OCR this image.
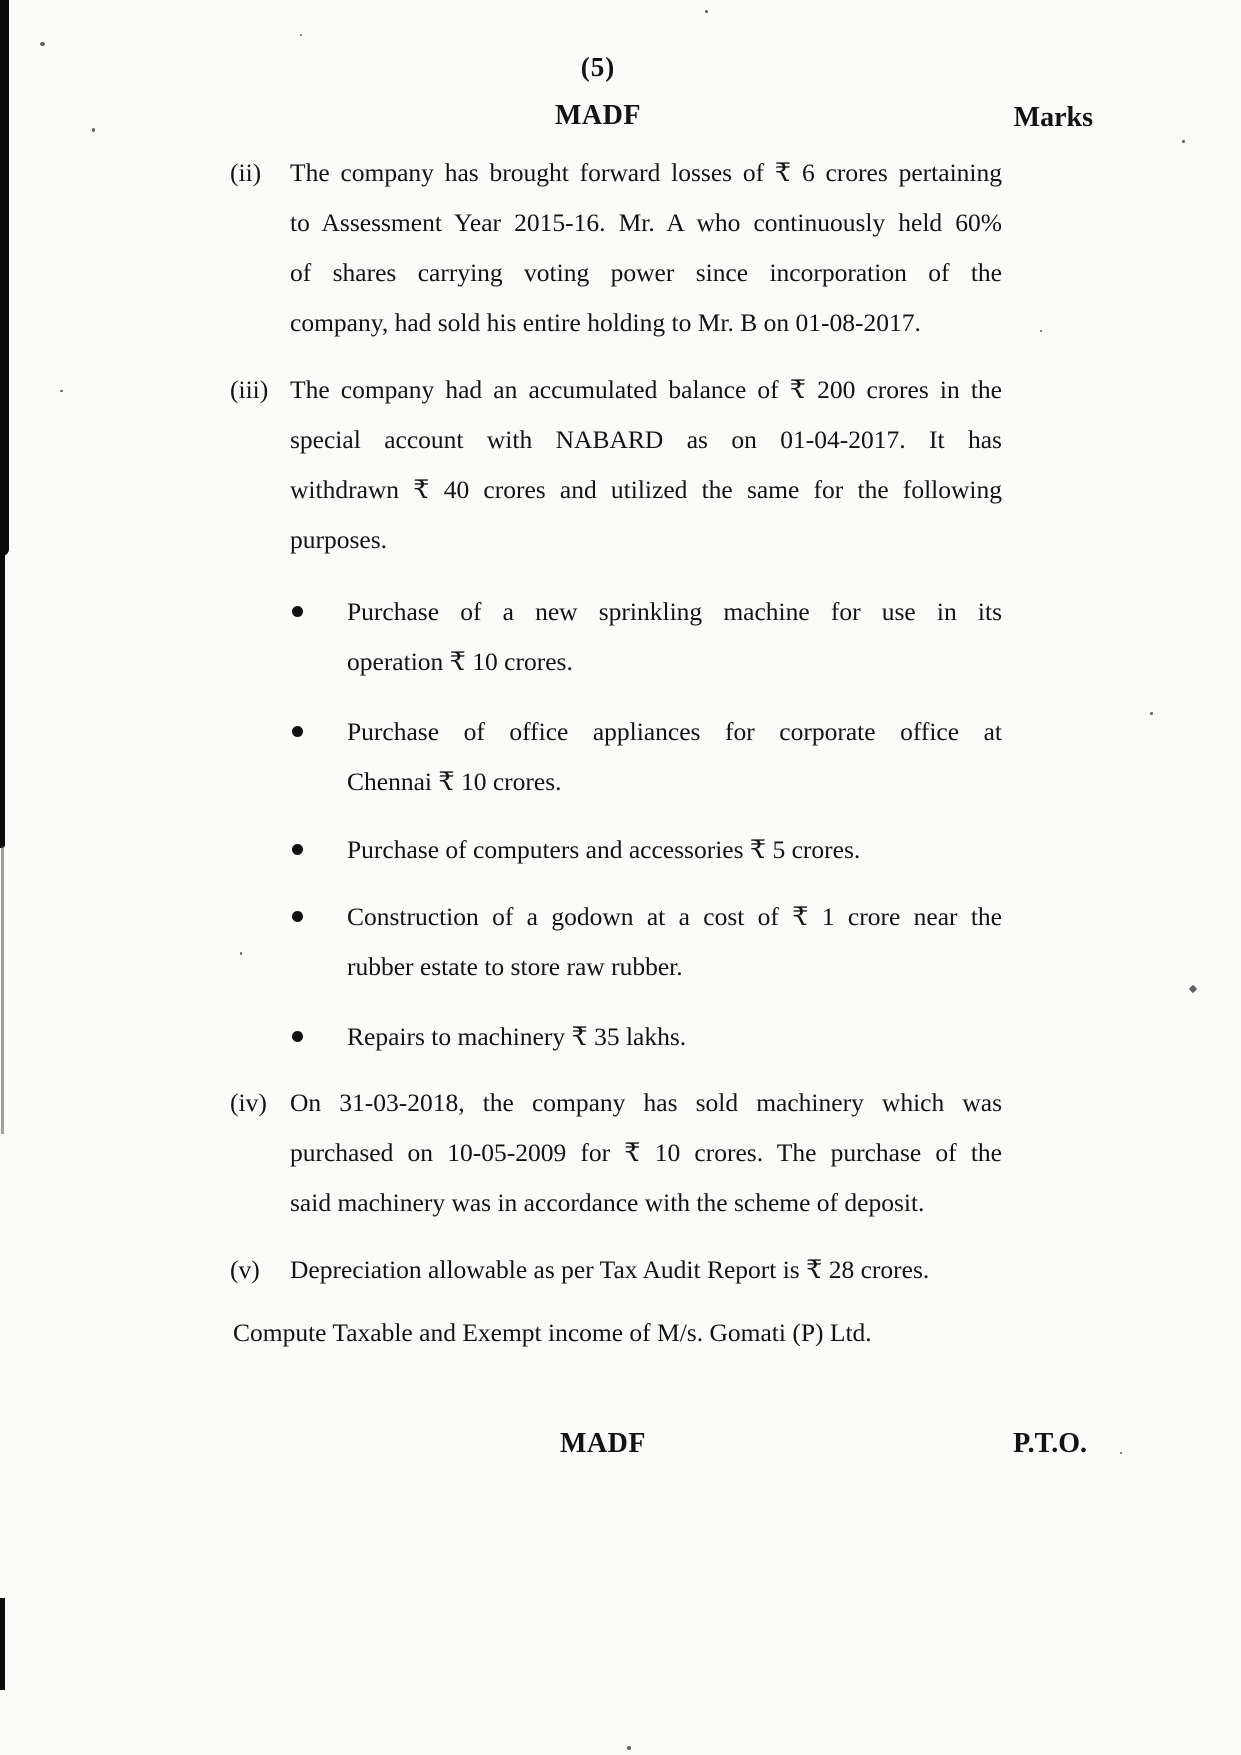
(5)
MADF	Marks
(ii) The company has brought forward losses of ₹ 6 crores pertaining
to Assessment Year 2015-16. Mr. A who continuously held 60%
of shares carrying voting power since incorporation of the
company, had sold his entire holding to Mr. B on 01-08-2017.
(iii) The company had an accumulated balance of ₹ 200 crores in the
special account with NABARD as on 01-04-2017. It has
withdrawn ₹ 40 crores and utilized the same for the following
purposes.
Purchase of a new sprinkling machine for use in its
operation ₹ 10 crores.
Purchase of office appliances for corporate office at
Chennai ₹ 10 crores.
Purchase of computers and accessories ₹ 5 crores.
Construction of a godown at a cost of ₹ 1 crore near the
rubber estate to store raw rubber.
Repairs to machinery ₹ 35 lakhs.
(iv) On 31-03-2018, the company has sold machinery which was
purchased on 10-05-2009 for ₹ 10 crores. The purchase of the
said machinery was in accordance with the scheme of deposit.
(v) Depreciation allowable as per Tax Audit Report is ₹ 28 crores.
Compute Taxable and Exempt income of M/s. Gomati (P) Ltd.
MADF	P.T.O.
